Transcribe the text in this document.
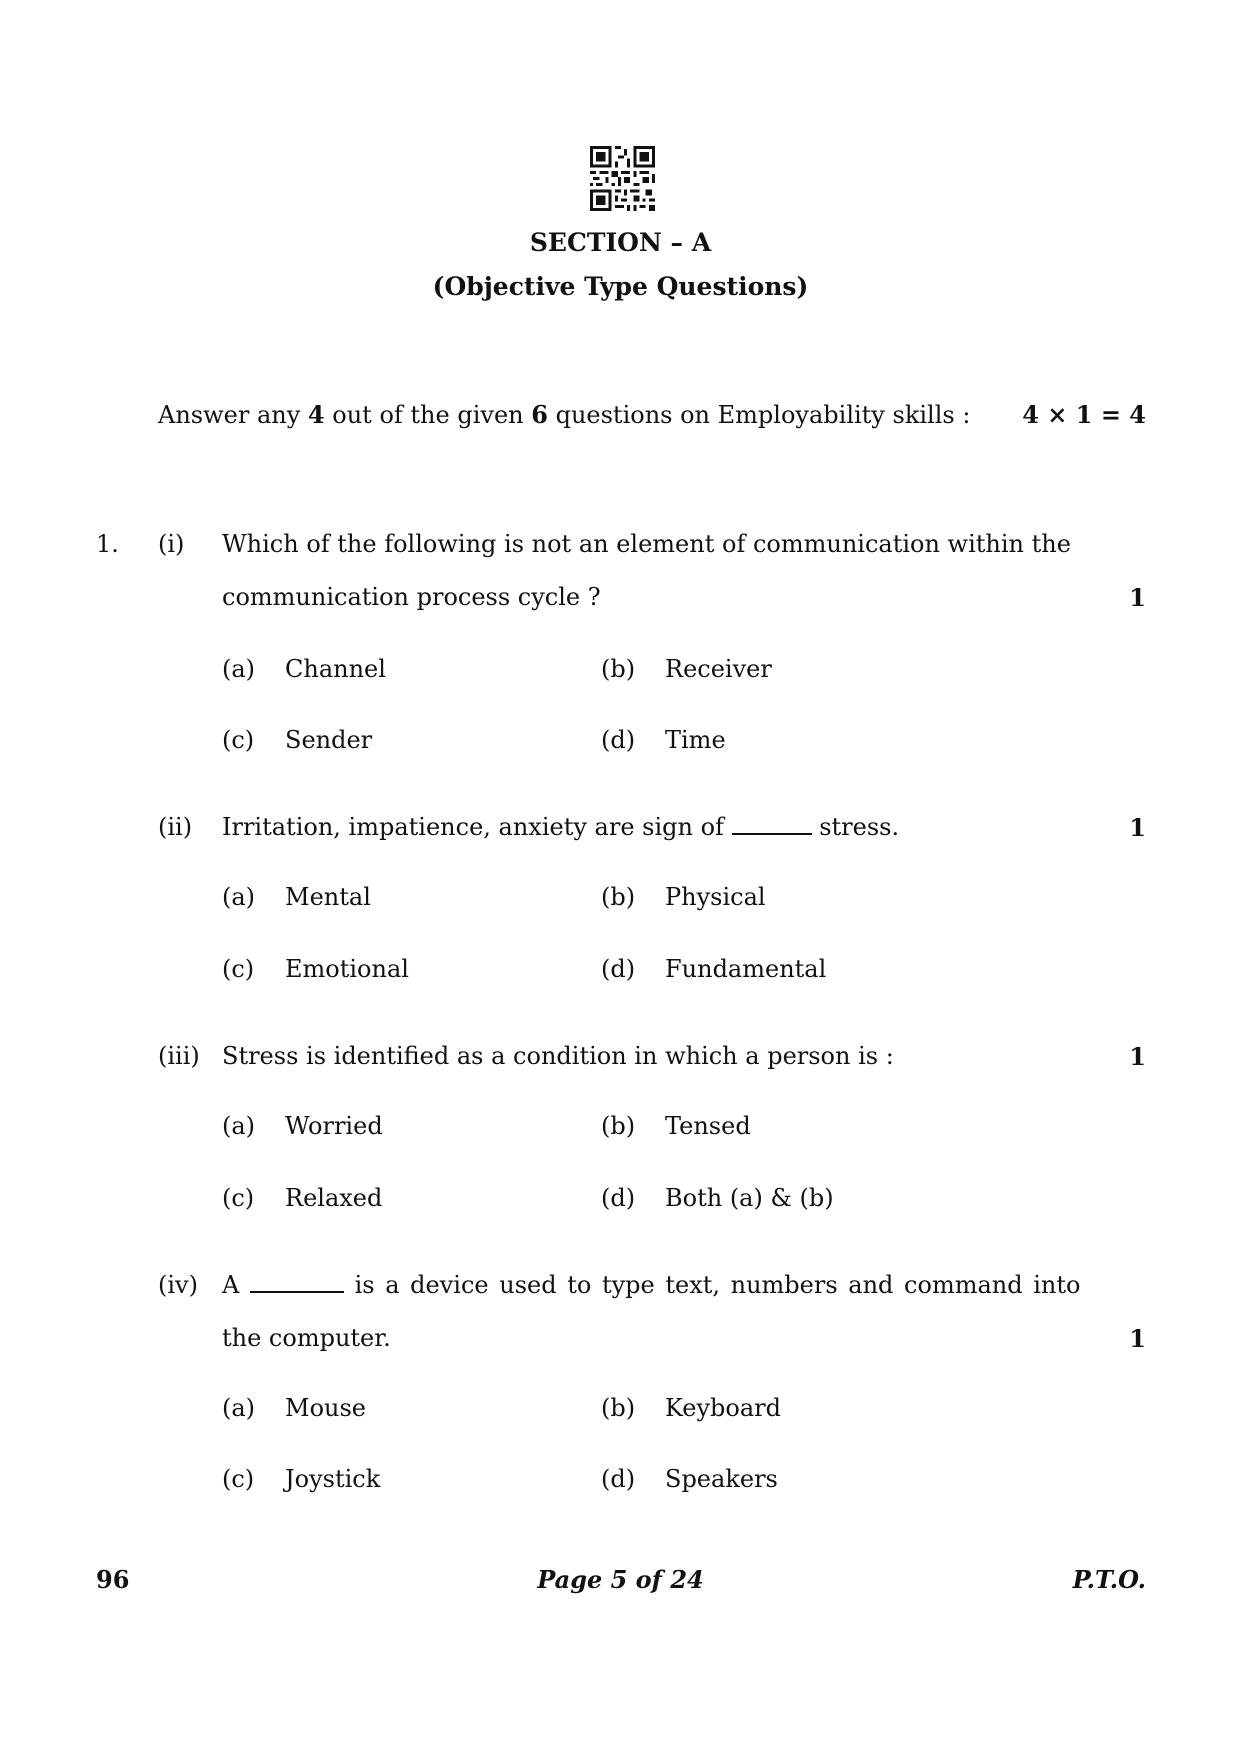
SECTION – A
(Objective Type Questions)
Answer any 4 out of the given 6 questions on Employability skills : 4 × 1 = 4
1. (i) Which of the following is not an element of communication within the
communication process cycle ?	1
(a) Channel	(b) Receiver
(c) Sender	(d) Time
(ii) Irritation, impatience, anxiety are sign of	stress.	1
(a) Mental	(b) Physical
(c) Emotional	(d) Fundamental
(iii) Stress is identified as a condition in which a person is :	1
(a) Worried	(b) Tensed
(c) Relaxed	(d) Both (a) & (b)
(iv) A	is a device used to type text, numbers and command into
the computer.	1
(a) Mouse	(b) Keyboard
(c) Joystick	(d) Speakers
96	Page 5 of 24	P.T.O.
